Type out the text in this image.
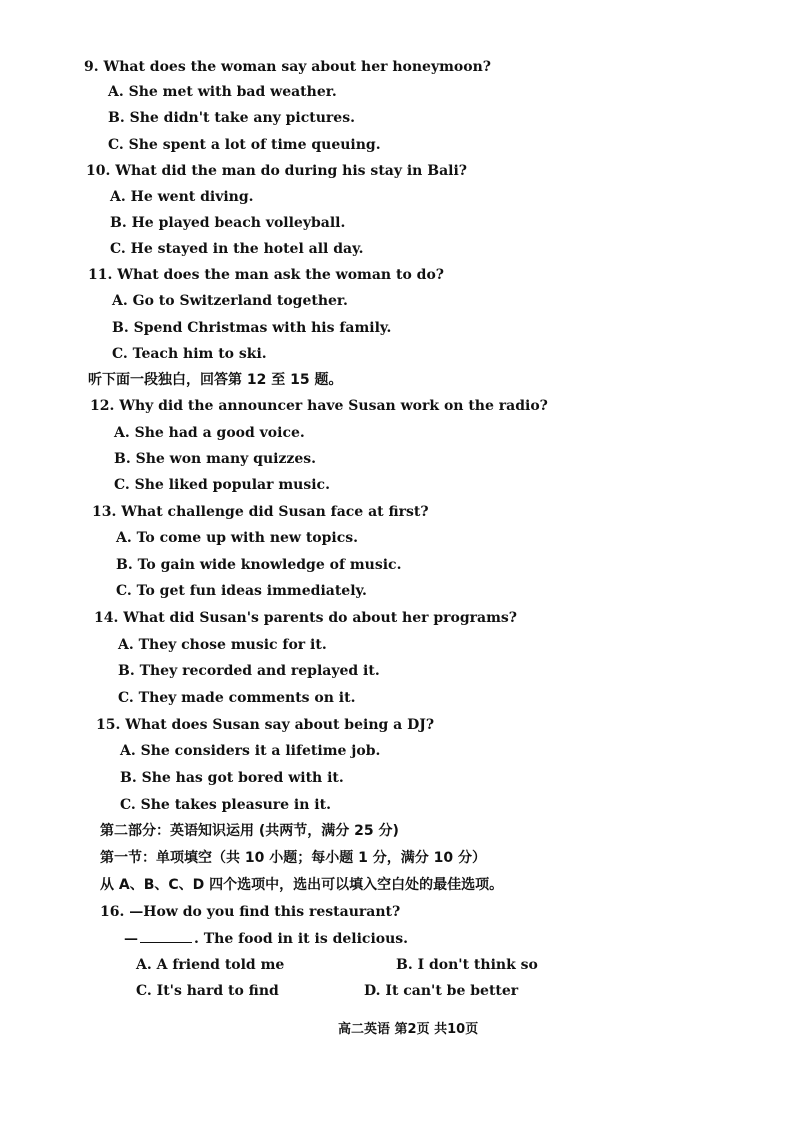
9. What does the woman say about her honeymoon?
A. She met with bad weather.
B. She didn't take any pictures.
C. She spent a lot of time queuing.
10. What did the man do during his stay in Bali?
A. He went diving.
B. He played beach volleyball.
C. He stayed in the hotel all day.
11. What does the man ask the woman to do?
A. Go to Switzerland together.
B. Spend Christmas with his family.
C. Teach him to ski.
听下面一段独白，回答第 12 至 15 题。
12. Why did the announcer have Susan work on the radio?
A. She had a good voice.
B. She won many quizzes.
C. She liked popular music.
13. What challenge did Susan face at first?
A. To come up with new topics.
B. To gain wide knowledge of music.
C. To get fun ideas immediately.
14. What did Susan's parents do about her programs?
A. They chose music for it.
B. They recorded and replayed it.
C. They made comments on it.
15. What does Susan say about being a DJ?
A. She considers it a lifetime job.
B. She has got bored with it.
C. She takes pleasure in it.
第二部分：英语知识运用 (共两节，满分 25 分)
第一节：单项填空（共 10 小题；每小题 1 分，满分 10 分）
从 A、B、C、D 四个选项中，选出可以填入空白处的最佳选项。
16. —How do you find this restaurant?
—	. The food in it is delicious.
A. A friend told me	B. I don't think so
C. It's hard to find	D. It can't be better
高二英语 第2页 共10页
